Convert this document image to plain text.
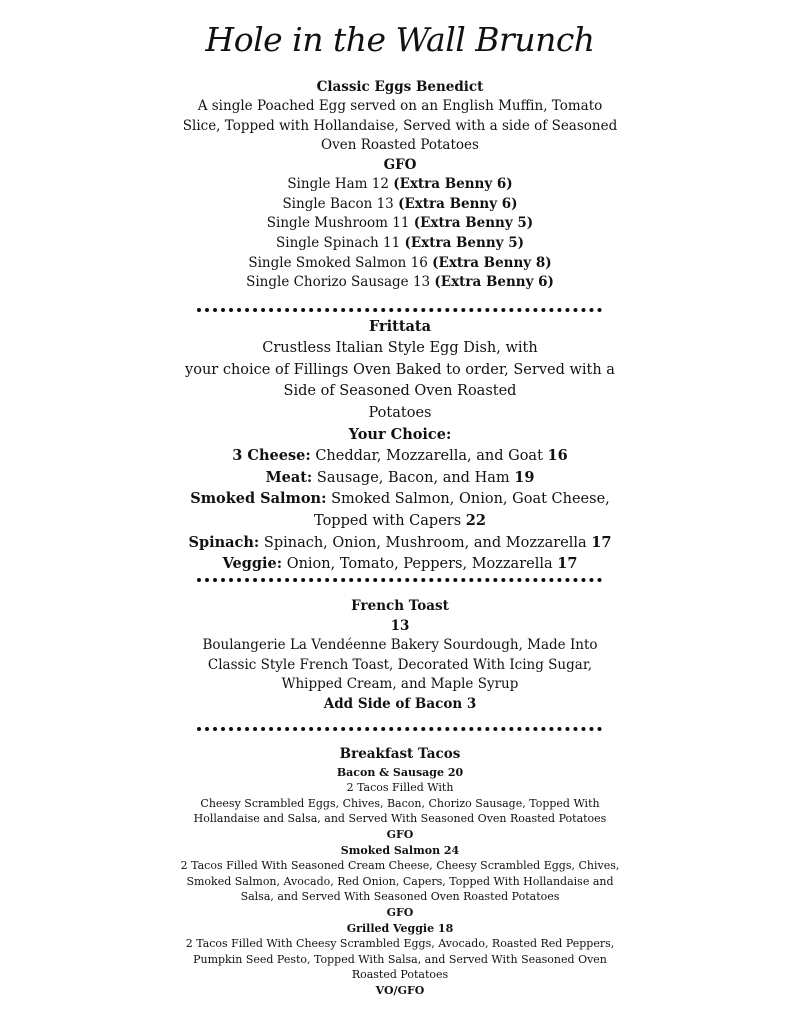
Hole in the Wall Brunch
Classic Eggs Benedict
A single Poached Egg served on an English Muffin, Tomato
Slice, Topped with Hollandaise, Served with a side of Seasoned
Oven Roasted Potatoes
GFO
Single Ham 12 (Extra Benny 6)
Single Bacon 13 (Extra Benny 6)
Single Mushroom 11 (Extra Benny 5)
Single Spinach 11 (Extra Benny 5)
Single Smoked Salmon 16 (Extra Benny 8)
Single Chorizo Sausage 13 (Extra Benny 6)
Frittata
Crustless Italian Style Egg Dish, with
your choice of Fillings Oven Baked to order, Served with a
Side of Seasoned Oven Roasted
Potatoes
Your Choice:
3 Cheese: Cheddar, Mozzarella, and Goat 16
Meat: Sausage, Bacon, and Ham 19
Smoked Salmon: Smoked Salmon, Onion, Goat Cheese,
Topped with Capers 22
Spinach: Spinach, Onion, Mushroom, and Mozzarella 17
Veggie: Onion, Tomato, Peppers, Mozzarella 17
French Toast
13
Boulangerie La Vendéenne Bakery Sourdough, Made Into
Classic Style French Toast, Decorated With Icing Sugar,
Whipped Cream, and Maple Syrup
Add Side of Bacon 3
Breakfast Tacos
Bacon & Sausage 20
2 Tacos Filled With
Cheesy Scrambled Eggs, Chives, Bacon, Chorizo Sausage, Topped With
Hollandaise and Salsa, and Served With Seasoned Oven Roasted Potatoes
GFO
Smoked Salmon 24
2 Tacos Filled With Seasoned Cream Cheese, Cheesy Scrambled Eggs, Chives,
Smoked Salmon, Avocado, Red Onion, Capers, Topped With Hollandaise and
Salsa, and Served With Seasoned Oven Roasted Potatoes
GFO
Grilled Veggie 18
2 Tacos Filled With Cheesy Scrambled Eggs, Avocado, Roasted Red Peppers,
Pumpkin Seed Pesto, Topped With Salsa, and Served With Seasoned Oven
Roasted Potatoes
VO/GFO
